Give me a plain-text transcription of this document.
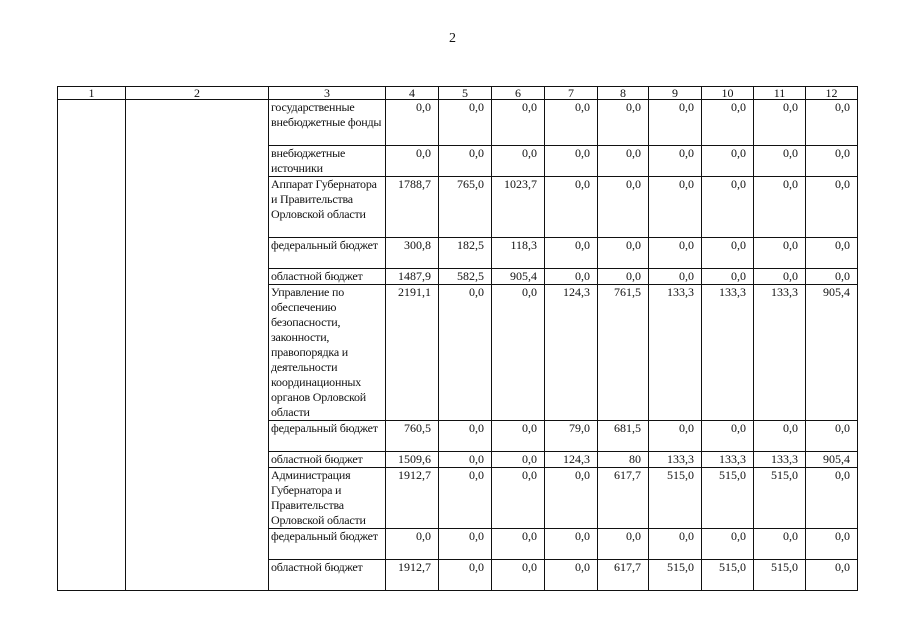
2
1	2	3	4	5	6	7	8	9	10	11	12
		государственные внебюджетные фонды	0,0	0,0	0,0	0,0	0,0	0,0	0,0	0,0	0,0
		внебюджетные источники	0,0	0,0	0,0	0,0	0,0	0,0	0,0	0,0	0,0
		Аппарат Губернатора и Правительства Орловской области	1788,7	765,0	1023,7	0,0	0,0	0,0	0,0	0,0	0,0
		федеральный бюджет	300,8	182,5	118,3	0,0	0,0	0,0	0,0	0,0	0,0
		областной бюджет	1487,9	582,5	905,4	0,0	0,0	0,0	0,0	0,0	0,0
		Управление по обеспечению безопасности, законности, правопорядка и деятельности координационных органов Орловской области	2191,1	0,0	0,0	124,3	761,5	133,3	133,3	133,3	905,4
		федеральный бюджет	760,5	0,0	0,0	79,0	681,5	0,0	0,0	0,0	0,0
		областной бюджет	1509,6	0,0	0,0	124,3	80	133,3	133,3	133,3	905,4
		Администрация Губернатора и Правительства Орловской области	1912,7	0,0	0,0	0,0	617,7	515,0	515,0	515,0	0,0
		федеральный бюджет	0,0	0,0	0,0	0,0	0,0	0,0	0,0	0,0	0,0
		областной бюджет	1912,7	0,0	0,0	0,0	617,7	515,0	515,0	515,0	0,0
